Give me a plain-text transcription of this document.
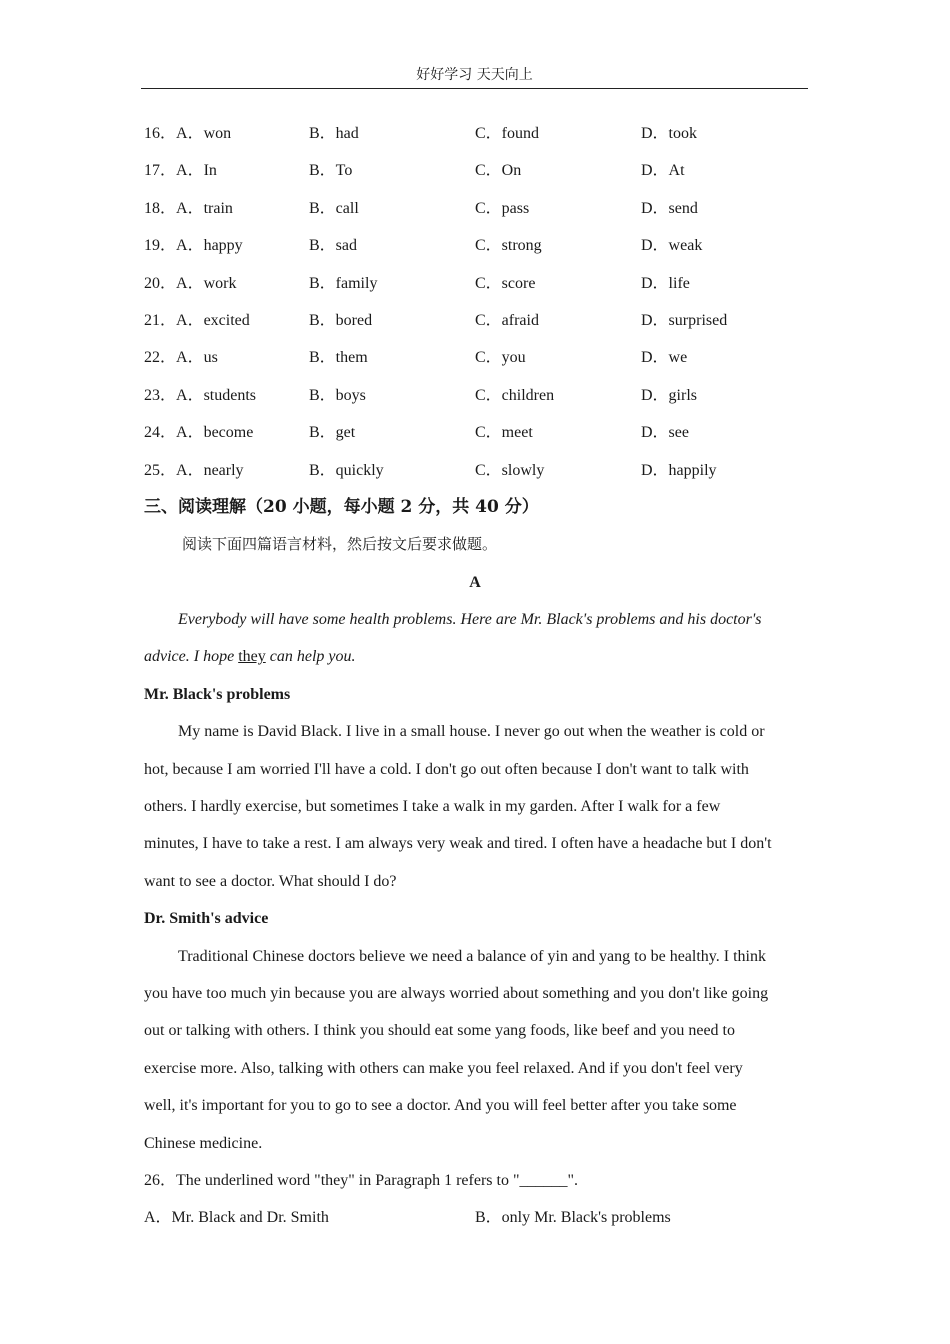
好好学习 天天向上
16．A．won	B．had	C．found	D．took
17．A．In	B．To	C．On	D．At
18．A．train	B．call	C．pass	D．send
19．A．happy	B．sad	C．strong	D．weak
20．A．work	B．family	C．score	D．life
21．A．excited	B．bored	C．afraid	D．surprised
22．A．us	B．them	C．you	D．we
23．A．students	B．boys	C．children	D．girls
24．A．become	B．get	C．meet	D．see
25．A．nearly	B．quickly	C．slowly	D．happily
三、阅读理解（20 小题，每小题 2 分，共 40 分）
阅读下面四篇语言材料，然后按文后要求做题。
A
Everybody will have some health problems. Here are Mr. Black's problems and his doctor's
advice. I hope they can help you.
Mr. Black's problems
My name is David Black. I live in a small house. I never go out when the weather is cold or
hot, because I am worried I'll have a cold. I don't go out often because I don't want to talk with
others. I hardly exercise, but sometimes I take a walk in my garden. After I walk for a few
minutes, I have to take a rest. I am always very weak and tired. I often have a headache but I don't
want to see a doctor. What should I do?
Dr. Smith's advice
Traditional Chinese doctors believe we need a balance of yin and yang to be healthy. I think
you have too much yin because you are always worried about something and you don't like going
out or talking with others. I think you should eat some yang foods, like beef and you need to
exercise more. Also, talking with others can make you feel relaxed. And if you don't feel very
well, it's important for you to go to see a doctor. And you will feel better after you take some
Chinese medicine.
26．The underlined word "they" in Paragraph 1 refers to "______".
A．Mr. Black and Dr. Smith	B．only Mr. Black's problems
